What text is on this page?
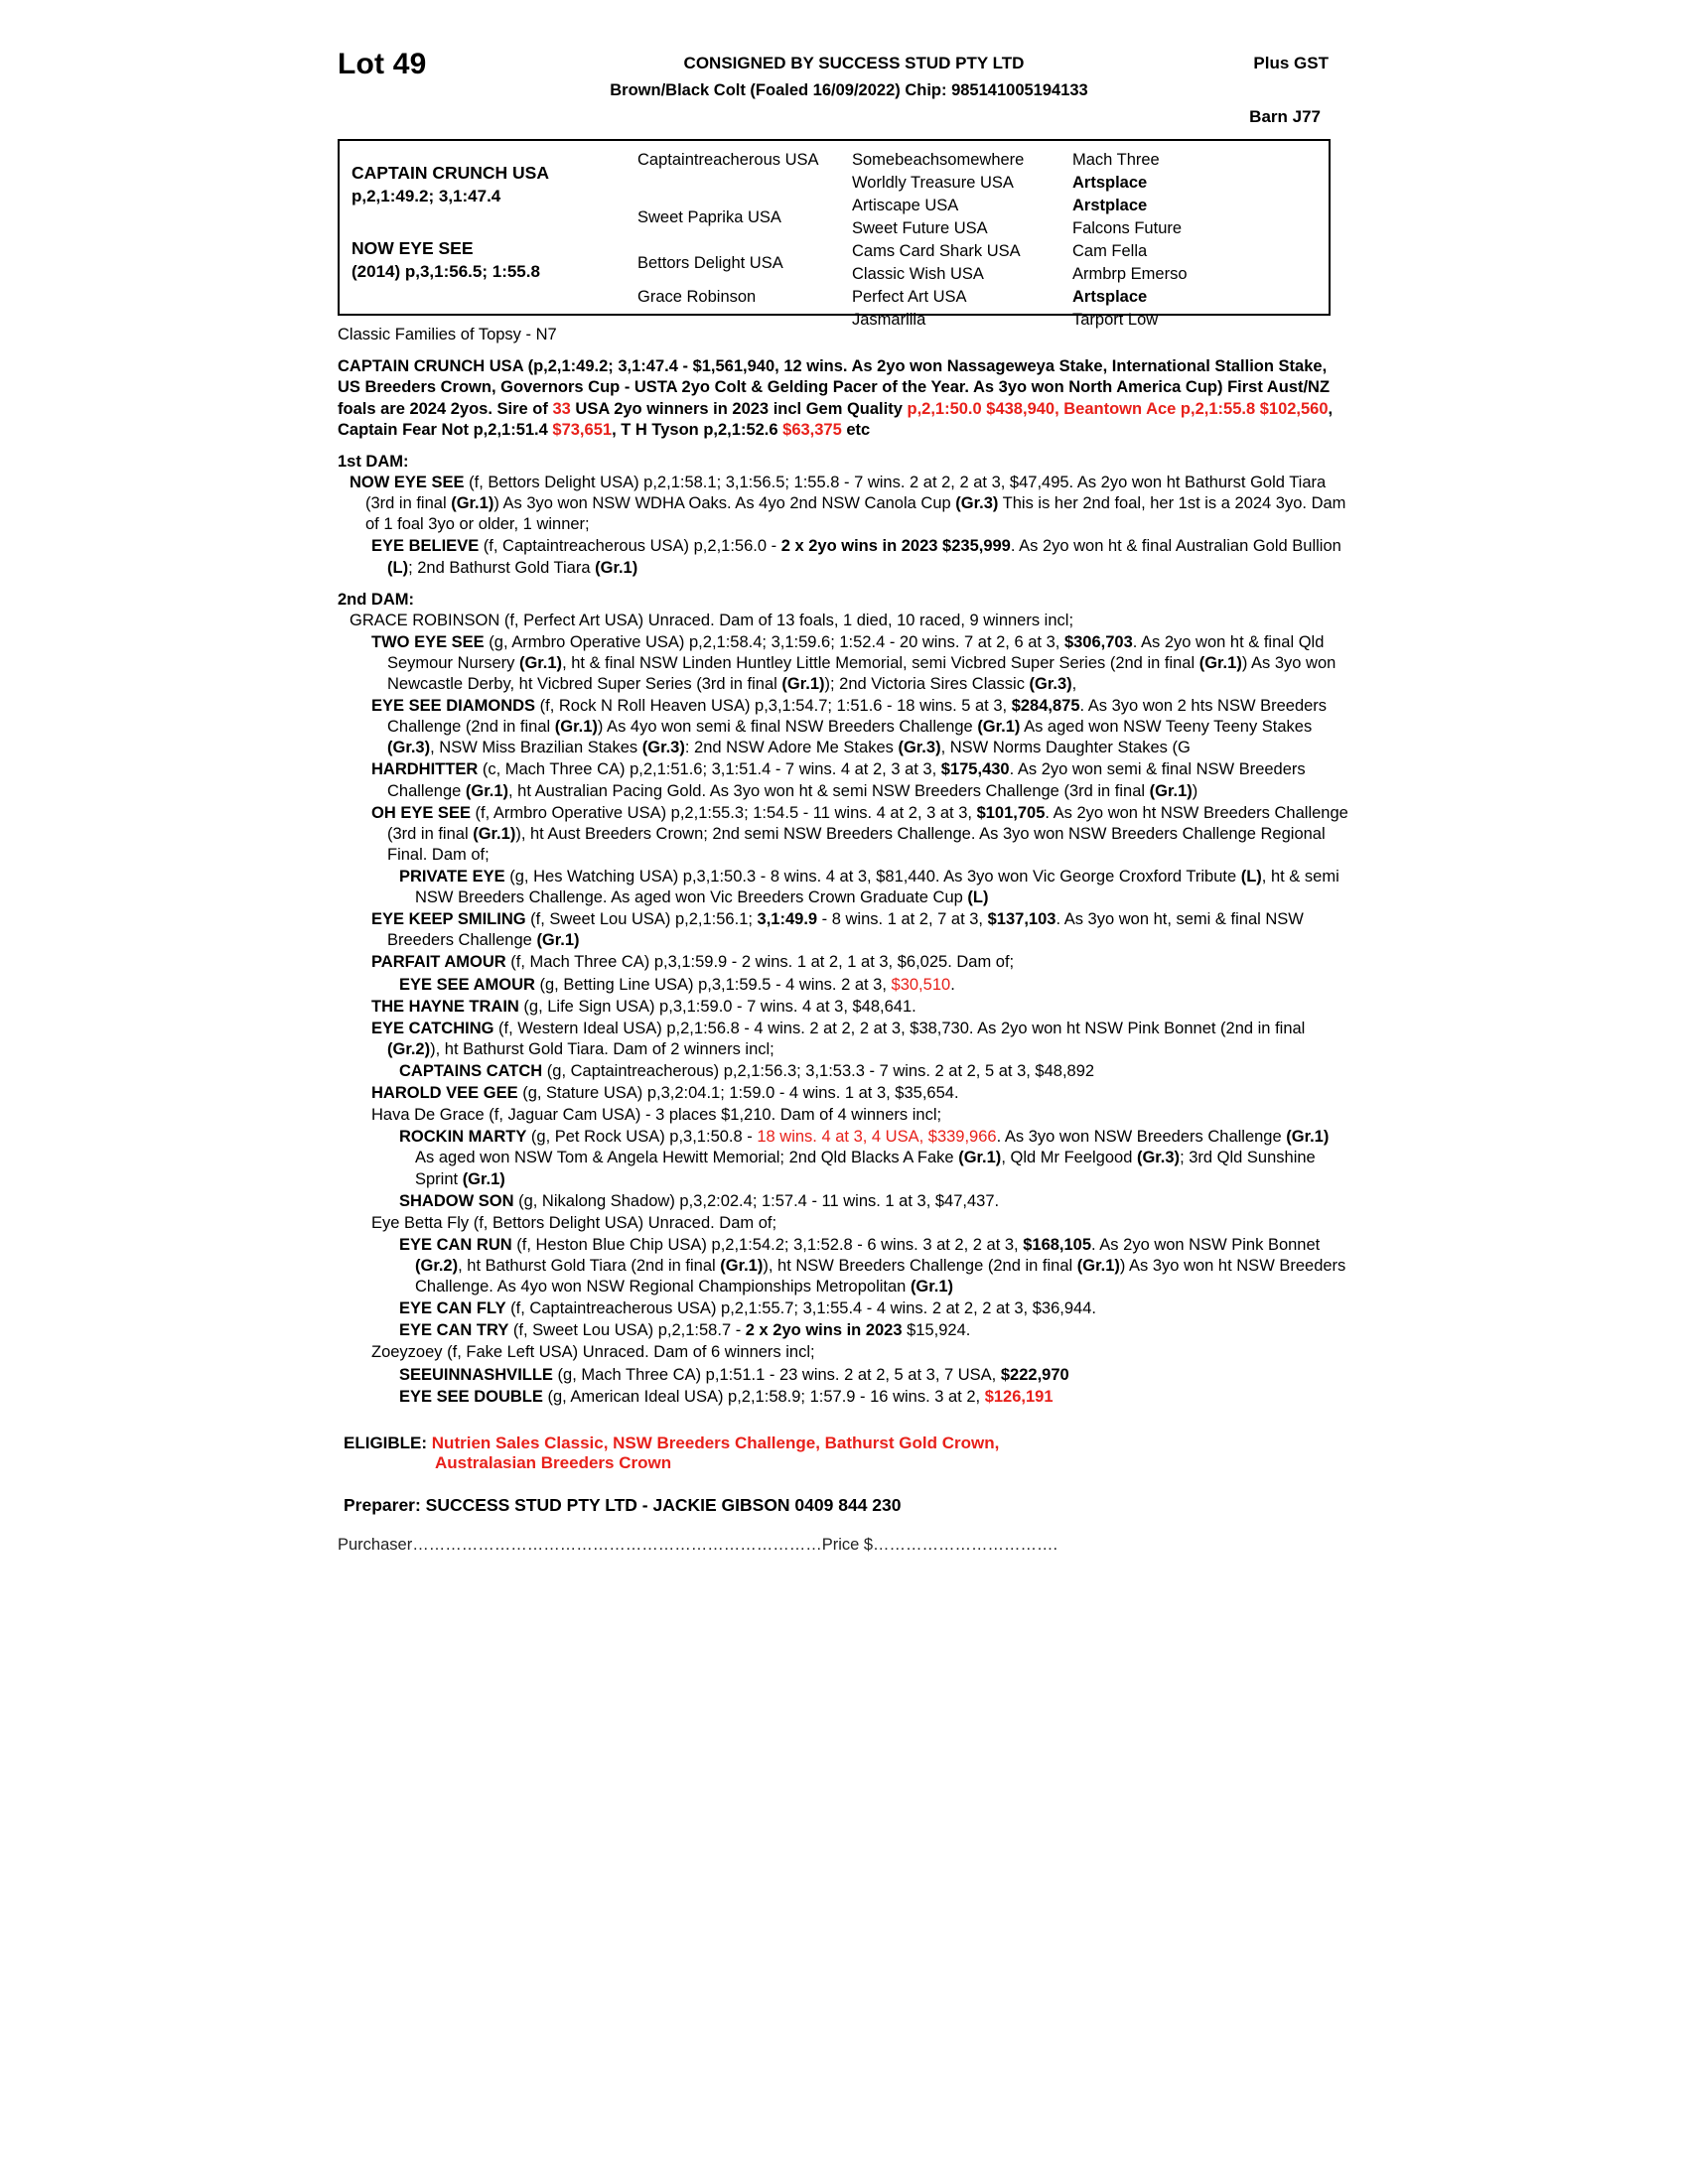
Lot 49	CONSIGNED BY SUCCESS STUD PTY LTD	Plus GST
Brown/Black Colt (Foaled 16/09/2022) Chip: 985141005194133
Barn J77
CAPTAIN CRUNCH USA
p,2,1:49.2; 3,1:47.4
NOW EYE SEE
(2014) p,3,1:56.5; 1:55.8
Captaintreacherous USA
Sweet Paprika USA
Bettors Delight USA
Grace Robinson
Somebeachsomewhere
Worldly Treasure USA
Artiscape USA
Sweet Future USA
Cams Card Shark USA
Classic Wish USA
Perfect Art USA
Jasmarilla
Mach Three
Artsplace
Arstplace
Falcons Future
Cam Fella
Armbrp Emerso
Artsplace
Tarport Low
Classic Families of Topsy - N7
CAPTAIN CRUNCH USA (p,2,1:49.2; 3,1:47.4 - $1,561,940, 12 wins. As 2yo won Nassageweya Stake, International Stallion Stake, US Breeders Crown, Governors Cup - USTA 2yo Colt & Gelding Pacer of the Year. As 3yo won North America Cup) First Aust/NZ foals are 2024 2yos. Sire of 33 USA 2yo winners in 2023 incl Gem Quality p,2,1:50.0 $438,940, Beantown Ace p,2,1:55.8 $102,560, Captain Fear Not p,2,1:51.4 $73,651, T H Tyson p,2,1:52.6 $63,375 etc
1st DAM:
NOW EYE SEE (f, Bettors Delight USA) p,2,1:58.1; 3,1:56.5; 1:55.8 - 7 wins. 2 at 2, 2 at 3, $47,495. As 2yo won ht Bathurst Gold Tiara (3rd in final (Gr.1)) As 3yo won NSW WDHA Oaks. As 4yo 2nd NSW Canola Cup (Gr.3) This is her 2nd foal, her 1st is a 2024 3yo. Dam of 1 foal 3yo or older, 1 winner;
EYE BELIEVE (f, Captaintreacherous USA) p,2,1:56.0 - 2 x 2yo wins in 2023 $235,999. As 2yo won ht & final Australian Gold Bullion (L); 2nd Bathurst Gold Tiara (Gr.1)
2nd DAM:
GRACE ROBINSON (f, Perfect Art USA) Unraced. Dam of 13 foals, 1 died, 10 raced, 9 winners incl;
TWO EYE SEE (g, Armbro Operative USA) p,2,1:58.4; 3,1:59.6; 1:52.4 - 20 wins. 7 at 2, 6 at 3, $306,703. As 2yo won ht & final Qld Seymour Nursery (Gr.1), ht & final NSW Linden Huntley Little Memorial, semi Vicbred Super Series (2nd in final (Gr.1)) As 3yo won Newcastle Derby, ht Vicbred Super Series (3rd in final (Gr.1)); 2nd Victoria Sires Classic (Gr.3),
EYE SEE DIAMONDS (f, Rock N Roll Heaven USA) p,3,1:54.7; 1:51.6 - 18 wins. 5 at 3, $284,875. As 3yo won 2 hts NSW Breeders Challenge (2nd in final (Gr.1)) As 4yo won semi & final NSW Breeders Challenge (Gr.1) As aged won NSW Teeny Teeny Stakes (Gr.3), NSW Miss Brazilian Stakes (Gr.3): 2nd NSW Adore Me Stakes (Gr.3), NSW Norms Daughter Stakes (G
HARDHITTER (c, Mach Three CA) p,2,1:51.6; 3,1:51.4 - 7 wins. 4 at 2, 3 at 3, $175,430. As 2yo won semi & final NSW Breeders Challenge (Gr.1), ht Australian Pacing Gold. As 3yo won ht & semi NSW Breeders Challenge (3rd in final (Gr.1))
OH EYE SEE (f, Armbro Operative USA) p,2,1:55.3; 1:54.5 - 11 wins. 4 at 2, 3 at 3, $101,705. As 2yo won ht NSW Breeders Challenge (3rd in final (Gr.1)), ht Aust Breeders Crown; 2nd semi NSW Breeders Challenge. As 3yo won NSW Breeders Challenge Regional Final. Dam of;
PRIVATE EYE (g, Hes Watching USA) p,3,1:50.3 - 8 wins. 4 at 3, $81,440. As 3yo won Vic George Croxford Tribute (L), ht & semi NSW Breeders Challenge. As aged won Vic Breeders Crown Graduate Cup (L)
EYE KEEP SMILING (f, Sweet Lou USA) p,2,1:56.1; 3,1:49.9 - 8 wins. 1 at 2, 7 at 3, $137,103. As 3yo won ht, semi & final NSW Breeders Challenge (Gr.1)
PARFAIT AMOUR (f, Mach Three CA) p,3,1:59.9 - 2 wins. 1 at 2, 1 at 3, $6,025. Dam of;
EYE SEE AMOUR (g, Betting Line USA) p,3,1:59.5 - 4 wins. 2 at 3, $30,510.
THE HAYNE TRAIN (g, Life Sign USA) p,3,1:59.0 - 7 wins. 4 at 3, $48,641.
EYE CATCHING (f, Western Ideal USA) p,2,1:56.8 - 4 wins. 2 at 2, 2 at 3, $38,730. As 2yo won ht NSW Pink Bonnet (2nd in final (Gr.2)), ht Bathurst Gold Tiara. Dam of 2 winners incl;
CAPTAINS CATCH (g, Captaintreacherous) p,2,1:56.3; 3,1:53.3 - 7 wins. 2 at 2, 5 at 3, $48,892
HAROLD VEE GEE (g, Stature USA) p,3,2:04.1; 1:59.0 - 4 wins. 1 at 3, $35,654.
Hava De Grace (f, Jaguar Cam USA) - 3 places $1,210. Dam of 4 winners incl;
ROCKIN MARTY (g, Pet Rock USA) p,3,1:50.8 - 18 wins. 4 at 3, 4 USA, $339,966. As 3yo won NSW Breeders Challenge (Gr.1) As aged won NSW Tom & Angela Hewitt Memorial; 2nd Qld Blacks A Fake (Gr.1), Qld Mr Feelgood (Gr.3); 3rd Qld Sunshine Sprint (Gr.1)
SHADOW SON (g, Nikalong Shadow) p,3,2:02.4; 1:57.4 - 11 wins. 1 at 3, $47,437.
Eye Betta Fly (f, Bettors Delight USA) Unraced. Dam of;
EYE CAN RUN (f, Heston Blue Chip USA) p,2,1:54.2; 3,1:52.8 - 6 wins. 3 at 2, 2 at 3, $168,105. As 2yo won NSW Pink Bonnet (Gr.2), ht Bathurst Gold Tiara (2nd in final (Gr.1)), ht NSW Breeders Challenge (2nd in final (Gr.1)) As 3yo won ht NSW Breeders Challenge. As 4yo won NSW Regional Championships Metropolitan (Gr.1)
EYE CAN FLY (f, Captaintreacherous USA) p,2,1:55.7; 3,1:55.4 - 4 wins. 2 at 2, 2 at 3, $36,944.
EYE CAN TRY (f, Sweet Lou USA) p,2,1:58.7 - 2 x 2yo wins in 2023 $15,924.
Zoeyzoey (f, Fake Left USA) Unraced. Dam of 6 winners incl;
SEEUINNASHVILLE (g, Mach Three CA) p,1:51.1 - 23 wins. 2 at 2, 5 at 3, 7 USA, $222,970
EYE SEE DOUBLE (g, American Ideal USA) p,2,1:58.9; 1:57.9 - 16 wins. 3 at 2, $126,191
ELIGIBLE: Nutrien Sales Classic, NSW Breeders Challenge, Bathurst Gold Crown,
Australasian Breeders Crown
Preparer: SUCCESS STUD PTY LTD - JACKIE GIBSON 0409 844 230
Purchaser…………………………………………………………………Price $…………………………….
